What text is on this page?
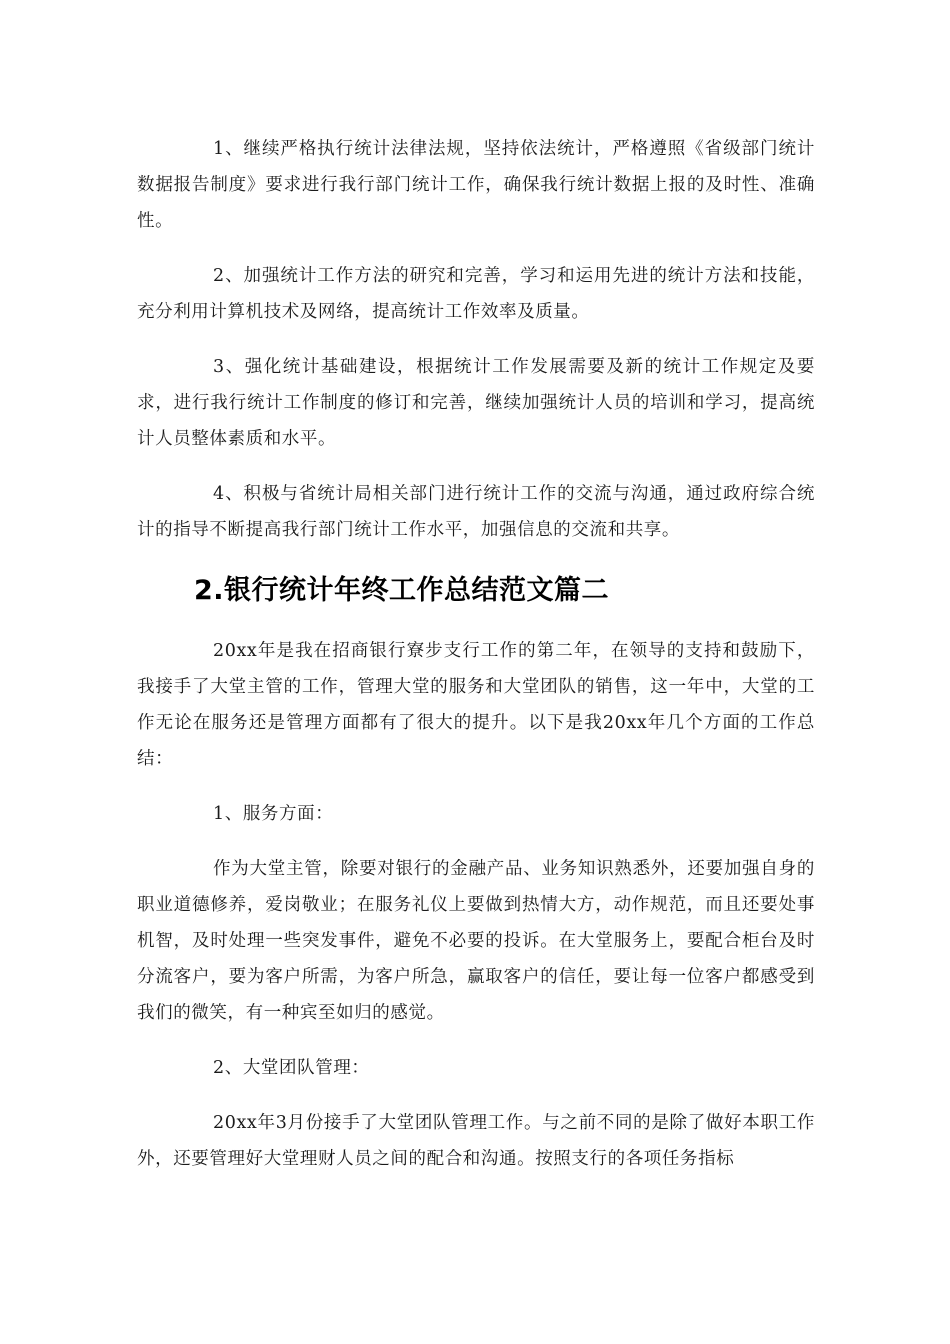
1、继续严格执行统计法律法规，坚持依法统计，严格遵照《省级部门统计数据报告制度》要求进行我行部门统计工作，确保我行统计数据上报的及时性、准确性。

2、加强统计工作方法的研究和完善，学习和运用先进的统计方法和技能，充分利用计算机技术及网络，提高统计工作效率及质量。

3、强化统计基础建设，根据统计工作发展需要及新的统计工作规定及要求，进行我行统计工作制度的修订和完善，继续加强统计人员的培训和学习，提高统计人员整体素质和水平。

4、积极与省统计局相关部门进行统计工作的交流与沟通，通过政府综合统计的指导不断提高我行部门统计工作水平，加强信息的交流和共享。

2.银行统计年终工作总结范文篇二

20xx年是我在招商银行寮步支行工作的第二年，在领导的支持和鼓励下，我接手了大堂主管的工作，管理大堂的服务和大堂团队的销售，这一年中，大堂的工作无论在服务还是管理方面都有了很大的提升。以下是我20xx年几个方面的工作总结：

1、服务方面：

作为大堂主管，除要对银行的金融产品、业务知识熟悉外，还要加强自身的职业道德修养，爱岗敬业；在服务礼仪上要做到热情大方，动作规范，而且还要处事机智，及时处理一些突发事件，避免不必要的投诉。在大堂服务上，要配合柜台及时分流客户，要为客户所需，为客户所急，赢取客户的信任，要让每一位客户都感受到我们的微笑，有一种宾至如归的感觉。

2、大堂团队管理：

20xx年3月份接手了大堂团队管理工作。与之前不同的是除了做好本职工作外，还要管理好大堂理财人员之间的配合和沟通。按照支行的各项任务指标
